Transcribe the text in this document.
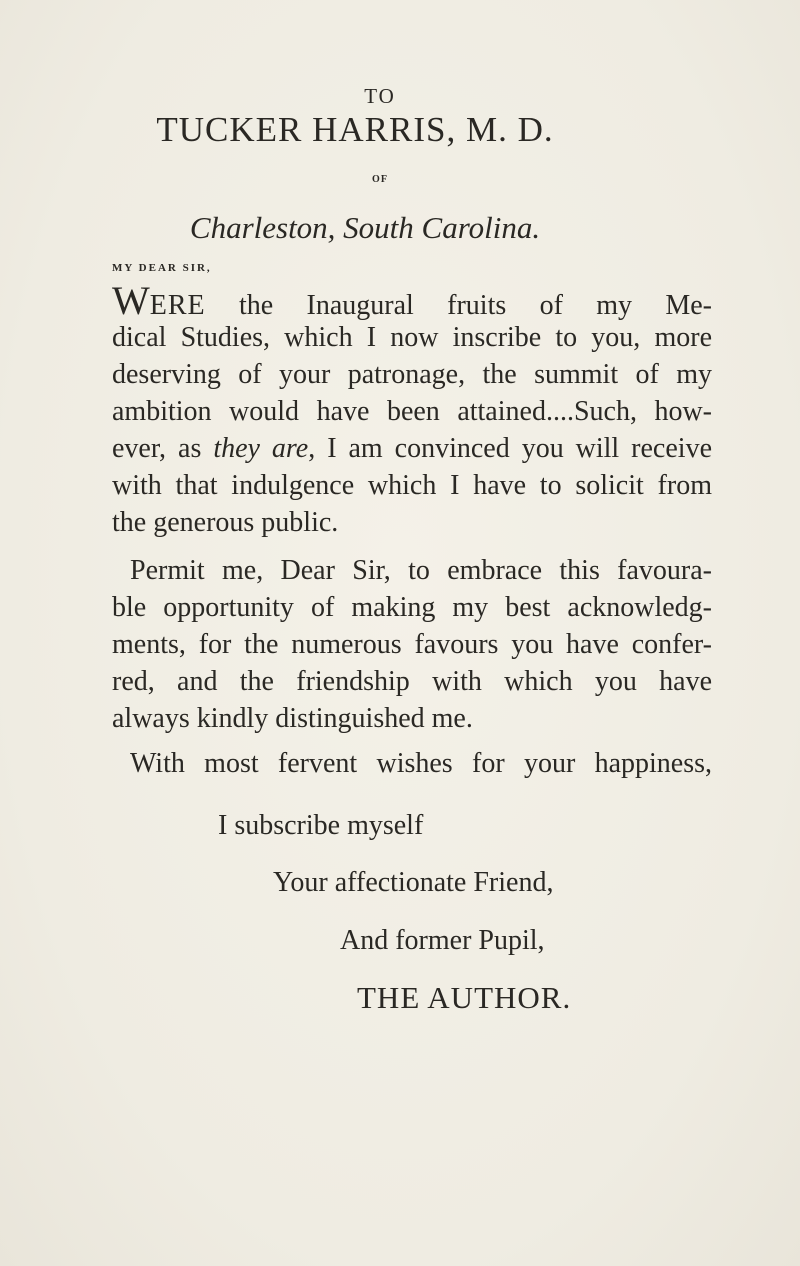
TO
TUCKER HARRIS, M. D.
OF
Charleston, South Carolina.
MY DEAR SIR,
WERE the Inaugural fruits of my Me-
dical Studies, which I now inscribe to you, more
deserving of your patronage, the summit of my
ambition would have been attained....Such, how-
ever, as they are, I am convinced you will receive
with that indulgence which I have to solicit from
the generous public.
Permit me, Dear Sir, to embrace this favoura-
ble opportunity of making my best acknowledg-
ments, for the numerous favours you have confer-
red, and the friendship with which you have
always kindly distinguished me.
With most fervent wishes for your happiness,
I subscribe myself
Your affectionate Friend,
And former Pupil,
THE AUTHOR.
